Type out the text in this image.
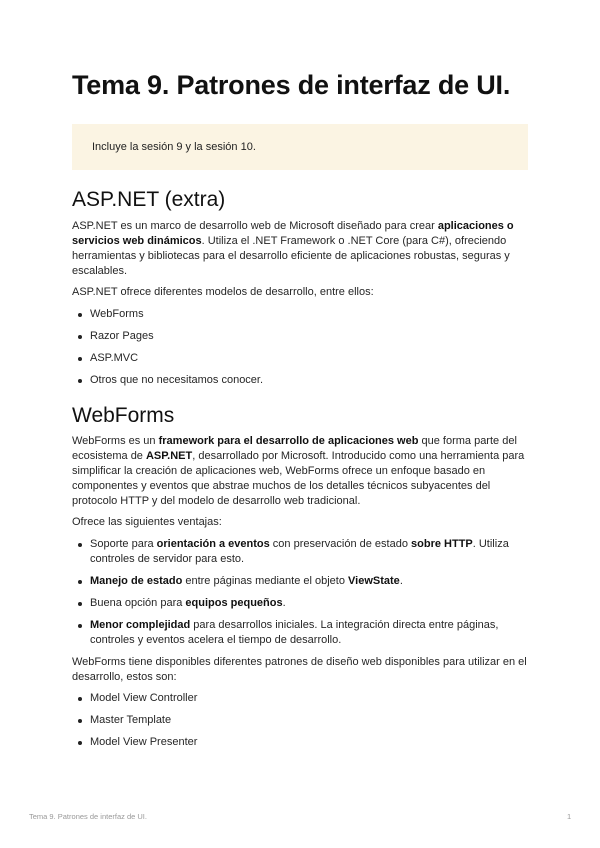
Tema 9. Patrones de interfaz de UI.
Incluye la sesión 9 y la sesión 10.
ASP.NET (extra)

ASP.NET es un marco de desarrollo web de Microsoft diseñado para crear aplicaciones o servicios web dinámicos. Utiliza el .NET Framework o .NET Core (para C#), ofreciendo herramientas y bibliotecas para el desarrollo eficiente de aplicaciones robustas, seguras y escalables.

ASP.NET ofrece diferentes modelos de desarrollo, entre ellos:

WebForms
Razor Pages
ASP.MVC
Otros que no necesitamos conocer.
WebForms

WebForms es un framework para el desarrollo de aplicaciones web que forma parte del ecosistema de ASP.NET, desarrollado por Microsoft. Introducido como una herramienta para simplificar la creación de aplicaciones web, WebForms ofrece un enfoque basado en componentes y eventos que abstrae muchos de los detalles técnicos subyacentes del protocolo HTTP y del modelo de desarrollo web tradicional.

Ofrece las siguientes ventajas:

Soporte para orientación a eventos con preservación de estado sobre HTTP. Utiliza controles de servidor para esto.
Manejo de estado entre páginas mediante el objeto ViewState.
Buena opción para equipos pequeños.
Menor complejidad para desarrollos iniciales. La integración directa entre páginas, controles y eventos acelera el tiempo de desarrollo.

WebForms tiene disponibles diferentes patrones de diseño web disponibles para utilizar en el desarrollo, estos son:

Model View Controller
Master Template
Model View Presenter
Tema 9. Patrones de interfaz de UI.	1
